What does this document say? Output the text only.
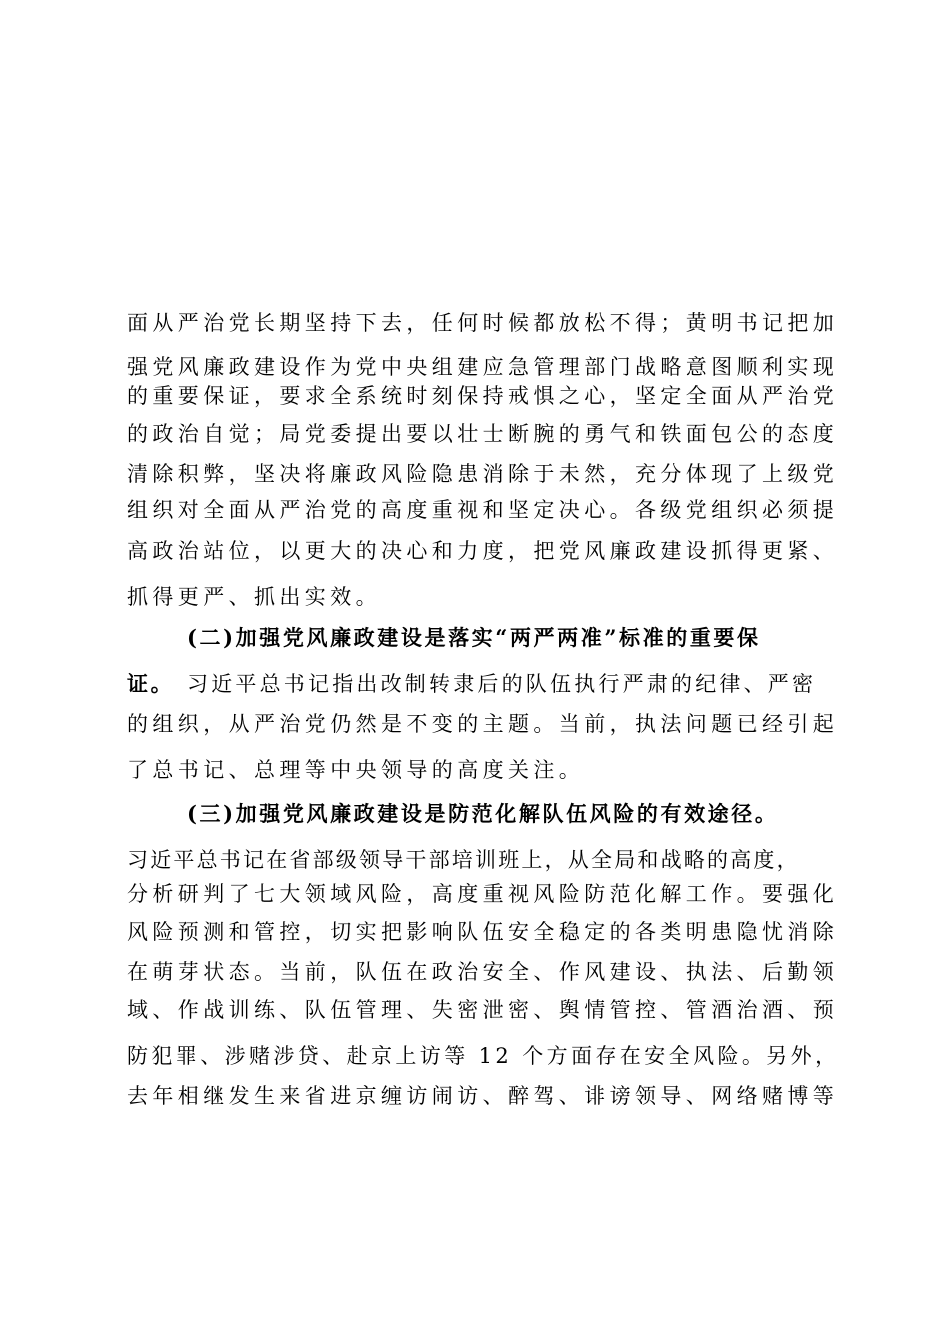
面从严治党长期坚持下去，任何时候都放松不得；黄明书记把加
强党风廉政建设作为党中央组建应急管理部门战略意图顺利实现
的重要保证，要求全系统时刻保持戒惧之心，坚定全面从严治党
的政治自觉；局党委提出要以壮士断腕的勇气和铁面包公的态度
清除积弊，坚决将廉政风险隐患消除于未然，充分体现了上级党
组织对全面从严治党的高度重视和坚定决心。各级党组织必须提
高政治站位，以更大的决心和力度，把党风廉政建设抓得更紧、
抓得更严、抓出实效。
(二)加强党风廉政建设是落实“两严两准”标准的重要保
证。 习近平总书记指出改制转隶后的队伍执行严肃的纪律、严密
的组织，从严治党仍然是不变的主题。当前，执法问题已经引起
了总书记、总理等中央领导的高度关注。
(三)加强党风廉政建设是防范化解队伍风险的有效途径。
习近平总书记在省部级领导干部培训班上，从全局和战略的高度，
分析研判了七大领域风险，高度重视风险防范化解工作。要强化
风险预测和管控，切实把影响队伍安全稳定的各类明患隐忧消除
在萌芽状态。当前，队伍在政治安全、作风建设、执法、后勤领
域、作战训练、队伍管理、失密泄密、舆情管控、管酒治酒、预
防犯罪、涉赌涉贷、赴京上访等 12 个方面存在安全风险。另外，
去年相继发生来省进京缠访闹访、醉驾、诽谤领导、网络赌博等
